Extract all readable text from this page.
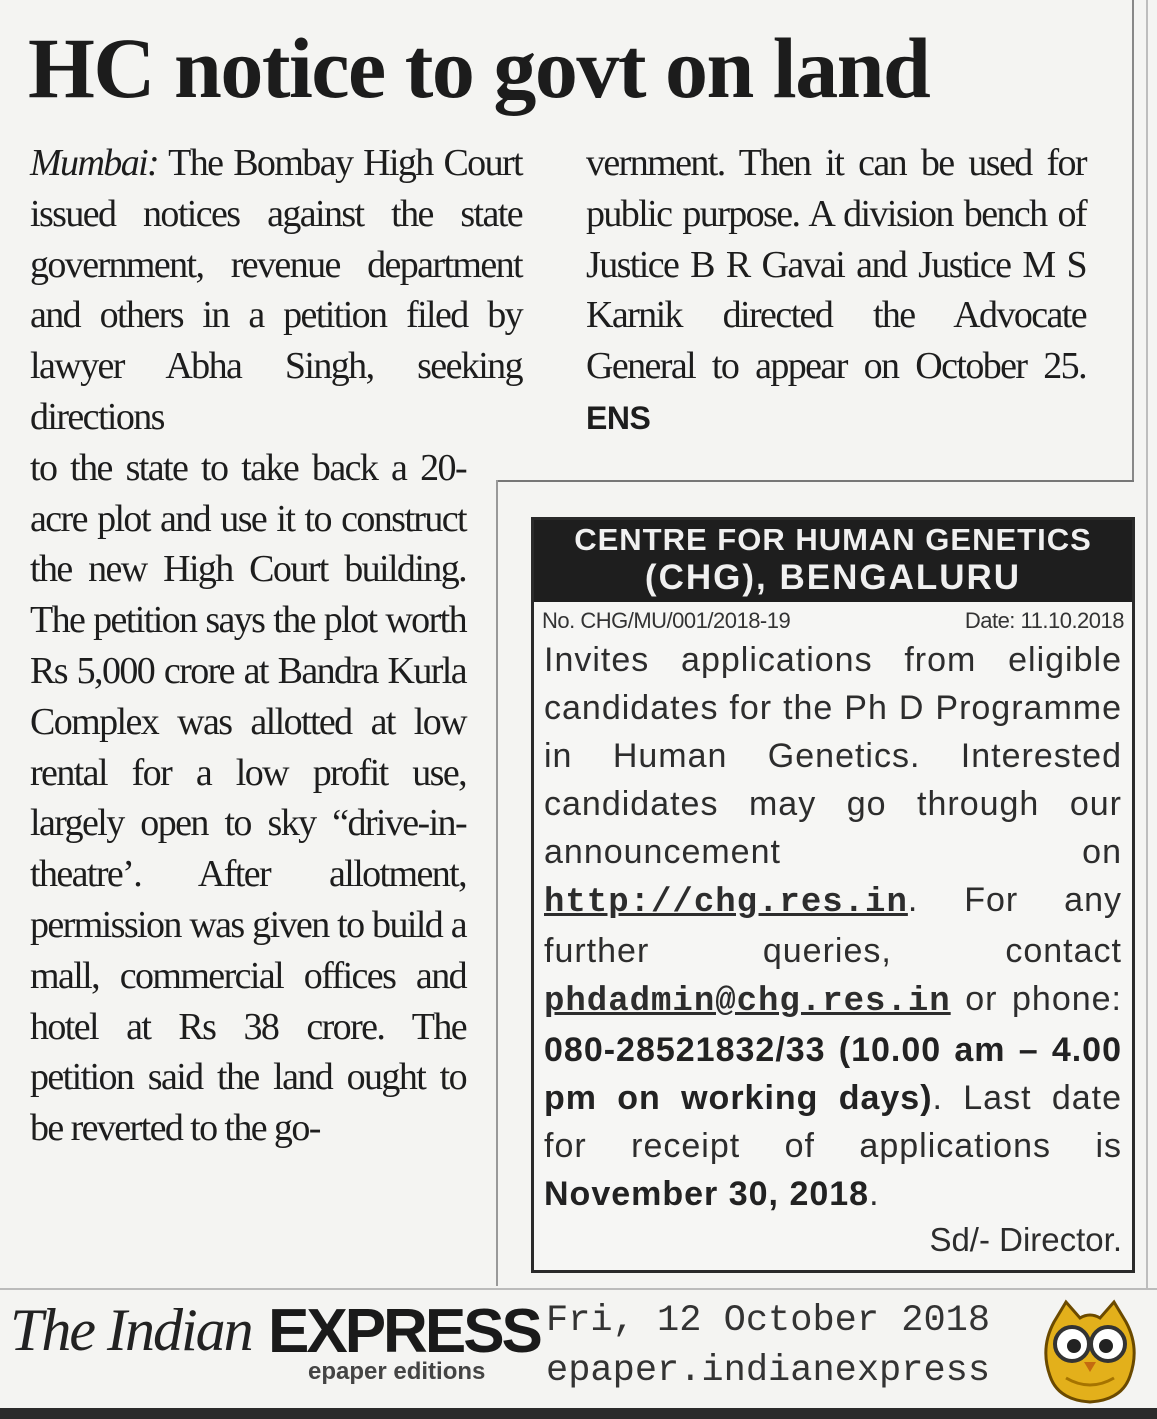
HC notice to govt on land

Mumbai: The Bombay High Court issued notices against the state government, revenue department and others in a petition filed by lawyer Abha Singh, seeking directions

to the state to take back a 20-acre plot and use it to construct the new High Court building. The petition says the plot worth Rs 5,000 crore at Bandra Kurla Complex was allotted at low rental for a low profit use, largely open to sky “drive-in-theatre’. After allotment, permission was given to build a mall, commercial offices and hotel at Rs 38 crore. The petition said the land ought to be reverted to the go-

vernment. Then it can be used for public purpose. A division bench of Justice B R Gavai and Justice M S Karnik directed the Advocate General to appear on October 25. ENS

CENTRE FOR HUMAN GENETICS
(CHG), BENGALURU
No. CHG/MU/001/2018-19	Date: 11.10.2018
Invites applications from eligible candidates for the Ph D Programme in Human Genetics. Interested candidates may go through our announcement on http://chg.res.in. For any further queries, contact phdadmin@chg.res.in or phone: 080-28521832/33 (10.00 am – 4.00 pm on working days). Last date for receipt of applications is November 30, 2018.
Sd/- Director.
The Indian EXPRESS
epaper editions
Fri, 12 October 2018
epaper.indianexpress
